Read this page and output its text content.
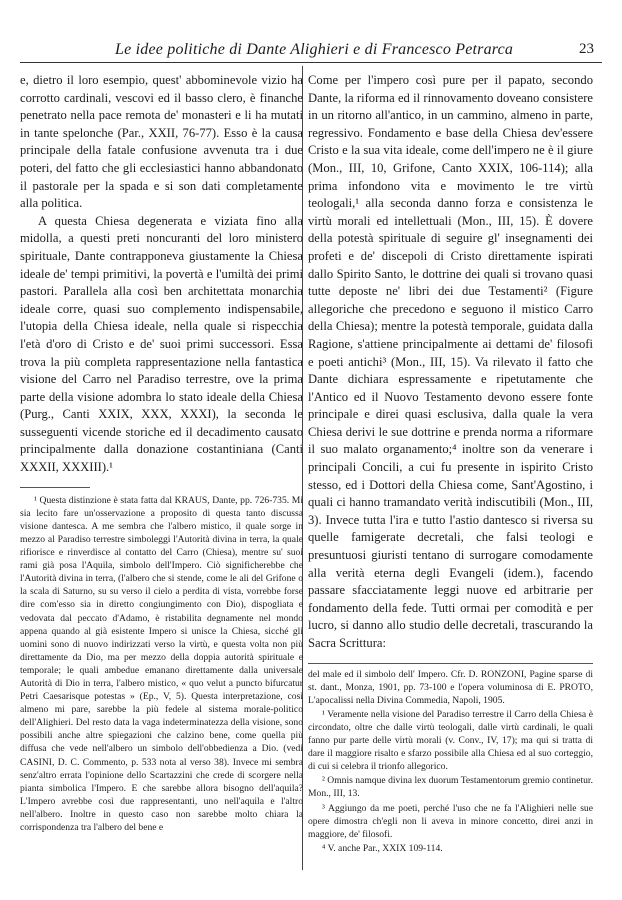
Le idee politiche di Dante Alighieri e di Francesco Petrarca	23

e, dietro il loro esempio, quest' abbominevole vizio ha corrotto cardinali, vescovi ed il basso clero, è finanche penetrato nella pace remota de' monasteri e li ha mutati in tante spelonche (Par., XXII, 76-77). Esso è la causa principale della fatale confusione avvenuta tra i due poteri, del fatto che gli ecclesiastici hanno abbandonato il pastorale per la spada e si son dati completamente alla politica.

A questa Chiesa degenerata e viziata fino alla midolla, a questi preti noncuranti del loro ministero spirituale, Dante contrapponeva giustamente la Chiesa ideale de' tempi primitivi, la povertà e l'umiltà dei primi pastori. Parallela alla così ben architettata monarchia ideale corre, quasi suo complemento indispensabile, l'utopia della Chiesa ideale, nella quale si rispecchia l'età d'oro di Cristo e de' suoi primi successori. Essa trova la più completa rappresentazione nella fantastica visione del Carro nel Paradiso terrestre, ove la prima parte della visione adombra lo stato ideale della Chiesa (Purg., Canti XXIX, XXX, XXXI), la seconda le susseguenti vicende storiche ed il decadimento causato principalmente dalla donazione costantiniana (Canti XXXII, XXXIII).¹

¹ Questa distinzione è stata fatta dal KRAUS, Dante, pp. 726-735. Mi sia lecito fare un'osservazione a proposito di questa tanto discussa visione dantesca. A me sembra che l'albero mistico, il quale sorge in mezzo al Paradiso terrestre simboleggi l'Autorità divina in terra, la quale rifiorisce e rinverdisce al contatto del Carro (Chiesa), mentre su' suoi rami già posa l'Aquila, simbolo dell'Impero. Ciò significherebbe che l'Autorità divina in terra, (l'albero che si stende, come le ali del Grifone o la scala di Saturno, su su verso il cielo a perdita di vista, vorrebbe forse dire com'esso sia in diretto congiungimento con Dio), dispogliata e vedovata dal peccato d'Adamo, è ristabilita degnamente nel mondo appena quando al già esistente Impero si unisce la Chiesa, sicché gli uomini sono di nuovo indirizzati verso la virtù, e questa volta non più direttamente da Dio, ma per mezzo della doppia autorità spirituale e temporale; le quali ambedue emanano direttamente dalla universale Autorità di Dio in terra, l'albero mistico, « quo velut a puncto bifurcatur Petri Caesarisque potestas » (Ep., V, 5). Questa interpretazione, così almeno mi pare, sarebbe la più fedele al sistema morale-politico dell'Alighieri. Del resto data la vaga indeterminatezza della visione, sono possibili anche altre spiegazioni che calzino bene, come quella più diffusa che vede nell'albero un simbolo dell'obbedienza a Dio. (vedi CASINI, D. C. Commento, p. 533 nota al verso 38). Invece mi sembra senz'altro errata l'opinione dello Scartazzini che crede di scorgere nella pianta simbolica l'Impero. E che sarebbe allora bisogno dell'aquila? L'Impero avrebbe così due rappresentanti, uno nell'aquila e l'altro nell'albero. Inoltre in questo caso non sarebbe molto chiara la corrispondenza tra l'albero del bene e

Come per l'impero così pure per il papato, secondo Dante, la riforma ed il rinnovamento doveano consistere in un ritorno all'antico, in un cammino, almeno in parte, regressivo. Fondamento e base della Chiesa dev'essere Cristo e la sua vita ideale, come dell'impero ne è il giure (Mon., III, 10, Grifone, Canto XXIX, 106-114); alla prima infondono vita e movimento le tre virtù teologali,¹ alla seconda danno forza e consistenza le virtù morali ed intellettuali (Mon., III, 15). È dovere della potestà spirituale di seguire gl' insegnamenti dei profeti e de' discepoli di Cristo direttamente ispirati dallo Spirito Santo, le dottrine dei quali si trovano quasi tutte deposte ne' libri dei due Testamenti² (Figure allegoriche che precedono e seguono il mistico Carro della Chiesa); mentre la potestà temporale, guidata dalla Ragione, s'attiene principalmente ai dettami de' filosofi e poeti antichi³ (Mon., III, 15). Va rilevato il fatto che Dante dichiara espressamente e ripetutamente che l'Antico ed il Nuovo Testamento devono essere fonte principale e direi quasi esclusiva, dalla quale la vera Chiesa derivi le sue dottrine e prenda norma a riformare il suo malato organamento;⁴ inoltre son da venerare i principali Concili, a cui fu presente in ispirito Cristo stesso, ed i Dottori della Chiesa come, Sant'Agostino, i quali ci hanno tramandato verità indiscutibili (Mon., III, 3). Invece tutta l'ira e tutto l'astio dantesco si riversa su quelle famigerate decretali, che falsi teologi e presuntuosi giuristi tentano di surrogare comodamente alla verità eterna degli Evangeli (idem.), facendo passare sfacciatamente leggi nuove ed arbitrarie per fondamento della fede. Tutti ormai per comodità e per lucro, si danno allo studio delle decretali, trascurando la Sacra Scrittura:

del male ed il simbolo dell' Impero. Cfr. D. RONZONI, Pagine sparse di st. dant., Monza, 1901, pp. 73-100 e l'opera voluminosa di E. PROTO, L'apocalissi nella Divina Commedia, Napoli, 1905.

¹ Veramente nella visione del Paradiso terrestre il Carro della Chiesa è circondato, oltre che dalle virtù teologali, dalle virtù cardinali, le quali fanno pur parte delle virtù morali (v. Conv., IV, 17); ma qui si tratta di dare il maggiore risalto e sfarzo possibile alla Chiesa ed al suo corteggio, di cui si celebra il trionfo allegorico.

² Omnis namque divina lex duorum Testamentorum gremio continetur. Mon., III, 13.

³ Aggiungo da me poeti, perché l'uso che ne fa l'Alighieri nelle sue opere dimostra ch'egli non li aveva in minore concetto, direi anzi in maggiore, de' filosofi.

⁴ V. anche Par., XXIX 109-114.
